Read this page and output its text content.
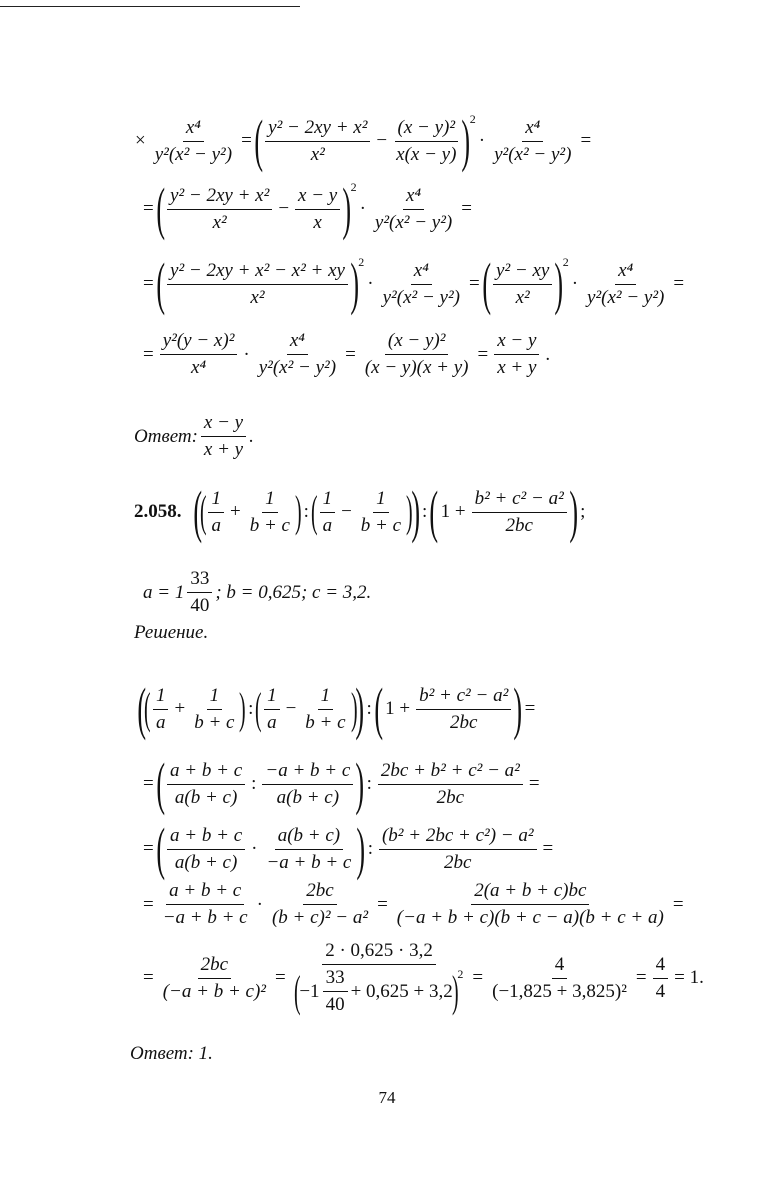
× $\frac{\text{x⁴}}{\text{y²(x² − y²)}}$ = ( $\frac{\text{y² − 2xy + x²}}{\text{x²}} - \frac{\text{(x − y)²}}{x(x - y)} )^2$
· $\frac{\text{x⁴}}{\text{y²(x² − y²)}}$ =
= ( $\frac{\text{y² − 2xy + x²}}{\text{x²}} - \frac{x - y}{x} )^2$
· $\frac{\text{x⁴}}{\text{y²(x² − y²)}}$ =
= ( $\frac{\text{y² − 2xy + x² − x² + xy}}{\text{x²}} )^2$
· $\frac{\text{x⁴}}{\text{y²(x² − y²)}}$ = ( $\frac{\text{y² − xy}}{\text{x²}} )^2$
· $\frac{\text{x⁴}}{\text{y²(x² − y²)}}$ =
= $\frac{\text{y²(y − x)²}}{\text{x⁴}} \cdot \frac{\text{x⁴}}{\text{y²(x² − y²)}} = \frac{\text{(x − y)²}}{(x - y)(x + y)} = \frac{x - y}{x + y}$ .
Ответ: $\frac{x - y}{x + y}$ .
2.058. (
( $\frac{1}{a} + \frac{1}{b + c}$ ) : ( $\frac{1}{a} - \frac{1}{b + c}$ )
) : ( $1 + \frac{\text{b² + c² − a²}}{2bc}$ ) ;
$a = 1 \frac{33}{40}$ ; b = 0,625; c = 3,2.
Решение.
(
( $\frac{1}{a} + \frac{1}{b + c}$ ) : ( $\frac{1}{a} - \frac{1}{b + c}$ )
) : ( $1 + \frac{\text{b² + c² − a²}}{2bc}$ ) =
= ( $\frac{a + b + c}{a(b + c)}$ : $\frac{-a + b + c}{a(b + c)}$ ) : $\frac{\text{2bc + b² + c² − a²}}{2bc}$ =
= ( $\frac{a + b + c}{a(b + c)} \cdot \frac{a(b + c)}{-a + b + c}$ ) : $\frac{\text{(b² + 2bc + c²) − a²}}{2bc}$ =
= $\frac{a + b + c}{-a + b + c} \cdot \frac{2bc}{\text{(b + c)² − a²}} = \frac{2(a + b + c)bc}{(-a + b + c)(b + c - a)(b + c + a)}$ =
= $\frac{2bc}{\text{(−a + b + c)²}} = \frac{2 \cdot 0,625 \cdot 3,2}{( -1 \frac{33}{40} + 0,625 + 3,2 )^2} = \frac{4}{\text{(−1,825 + 3,825)²}} = \frac{4}{4} = 1$.
Ответ: 1.
74
